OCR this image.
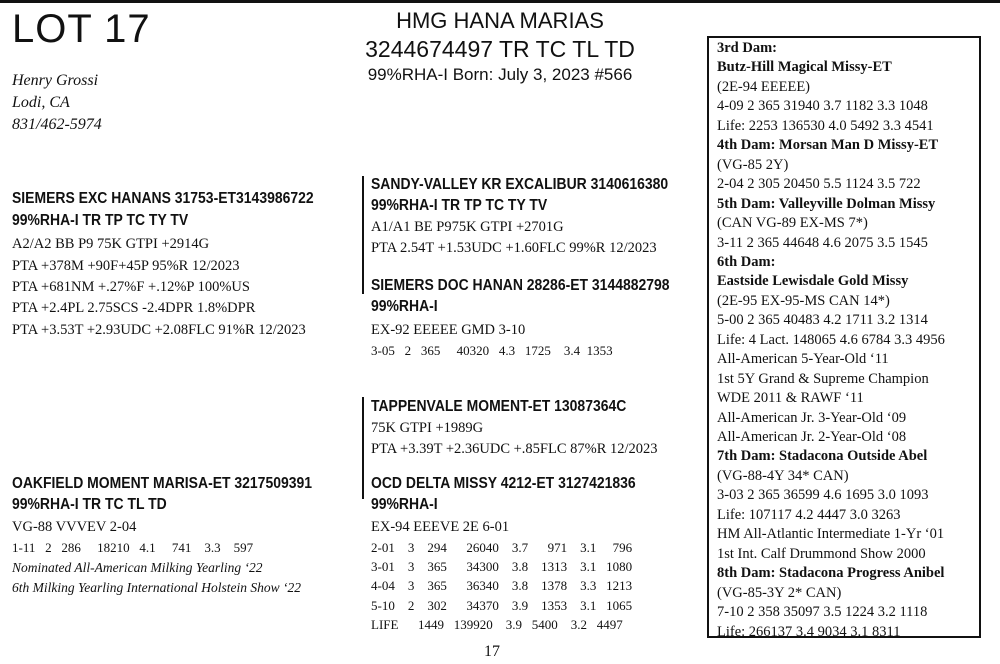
LOT 17
Henry Grossi
Lodi, CA
831/462-5974
HMG HANA MARIAS
3244674497 TR TC TL TD
99%RHA-I Born: July 3, 2023 #566
SIEMERS EXC HANANS 31753-ET3143986722
99%RHA-I TR TP TC TY TV
A2/A2 BB P9 75K GTPI +2914G
PTA +378M +90F+45P 95%R 12/2023
PTA +681NM +.27%F +.12%P 100%US
PTA +2.4PL 2.75SCS -2.4DPR 1.8%DPR
PTA +3.53T +2.93UDC +2.08FLC 91%R 12/2023
SANDY-VALLEY KR EXCALIBUR 3140616380
99%RHA-I TR TP TC TY TV
A1/A1 BE P975K GTPI +2701G
PTA 2.54T +1.53UDC +1.60FLC 99%R 12/2023
SIEMERS DOC HANAN 28286-ET 3144882798
99%RHA-I
EX-92 EEEEE GMD 3-10
3-05   2   365     40320   4.3   1725    3.4  1353
OAKFIELD MOMENT MARISA-ET 3217509391
99%RHA-I TR TC TL TD
VG-88 VVVEV 2-04
1-11   2   286     18210   4.1     741    3.3    597
Nominated All-American Milking Yearling ‘22
6th Milking Yearling International Holstein Show ‘22
TAPPENVALE MOMENT-ET 13087364C
75K GTPI +1989G
PTA +3.39T +2.36UDC +.85FLC 87%R 12/2023
OCD DELTA MISSY 4212-ET 3127421836
99%RHA-I
EX-94 EEEVE 2E 6-01
2-01    3    294      26040    3.7      971    3.1     796
3-01    3    365      34300    3.8    1313    3.1   1080
4-04    3    365      36340    3.8    1378    3.3   1213
5-10    2    302      34370    3.9    1353    3.1   1065
LIFE      1449   139920    3.9   5400    3.2   4497
3rd Dam:
Butz-Hill Magical Missy-ET
(2E-94 EEEEE)
4-09 2 365 31940 3.7 1182 3.3 1048
Life: 2253 136530 4.0 5492 3.3 4541
4th Dam: Morsan Man D Missy-ET
(VG-85 2Y)
2-04 2 305 20450 5.5 1124 3.5 722
5th Dam: Valleyville Dolman Missy
(CAN VG-89 EX-MS 7*)
3-11 2 365 44648 4.6 2075 3.5 1545
6th Dam:
Eastside Lewisdale Gold Missy
(2E-95 EX-95-MS CAN 14*)
5-00 2 365 40483 4.2 1711 3.2 1314
Life: 4 Lact. 148065 4.6 6784 3.3 4956
All-American 5-Year-Old ‘11
1st 5Y Grand & Supreme Champion
WDE 2011 & RAWF ‘11
All-American Jr. 3-Year-Old ‘09
All-American Jr. 2-Year-Old ‘08
7th Dam: Stadacona Outside Abel
(VG-88-4Y 34* CAN)
3-03 2 365 36599 4.6 1695 3.0 1093
Life: 107117 4.2 4447 3.0 3263
HM All-Atlantic Intermediate 1-Yr ‘01
1st Int. Calf Drummond Show 2000
8th Dam: Stadacona Progress Anibel
(VG-85-3Y 2* CAN)
7-10 2 358 35097 3.5 1224 3.2 1118
Life: 266137 3.4 9034 3.1 8311
17
